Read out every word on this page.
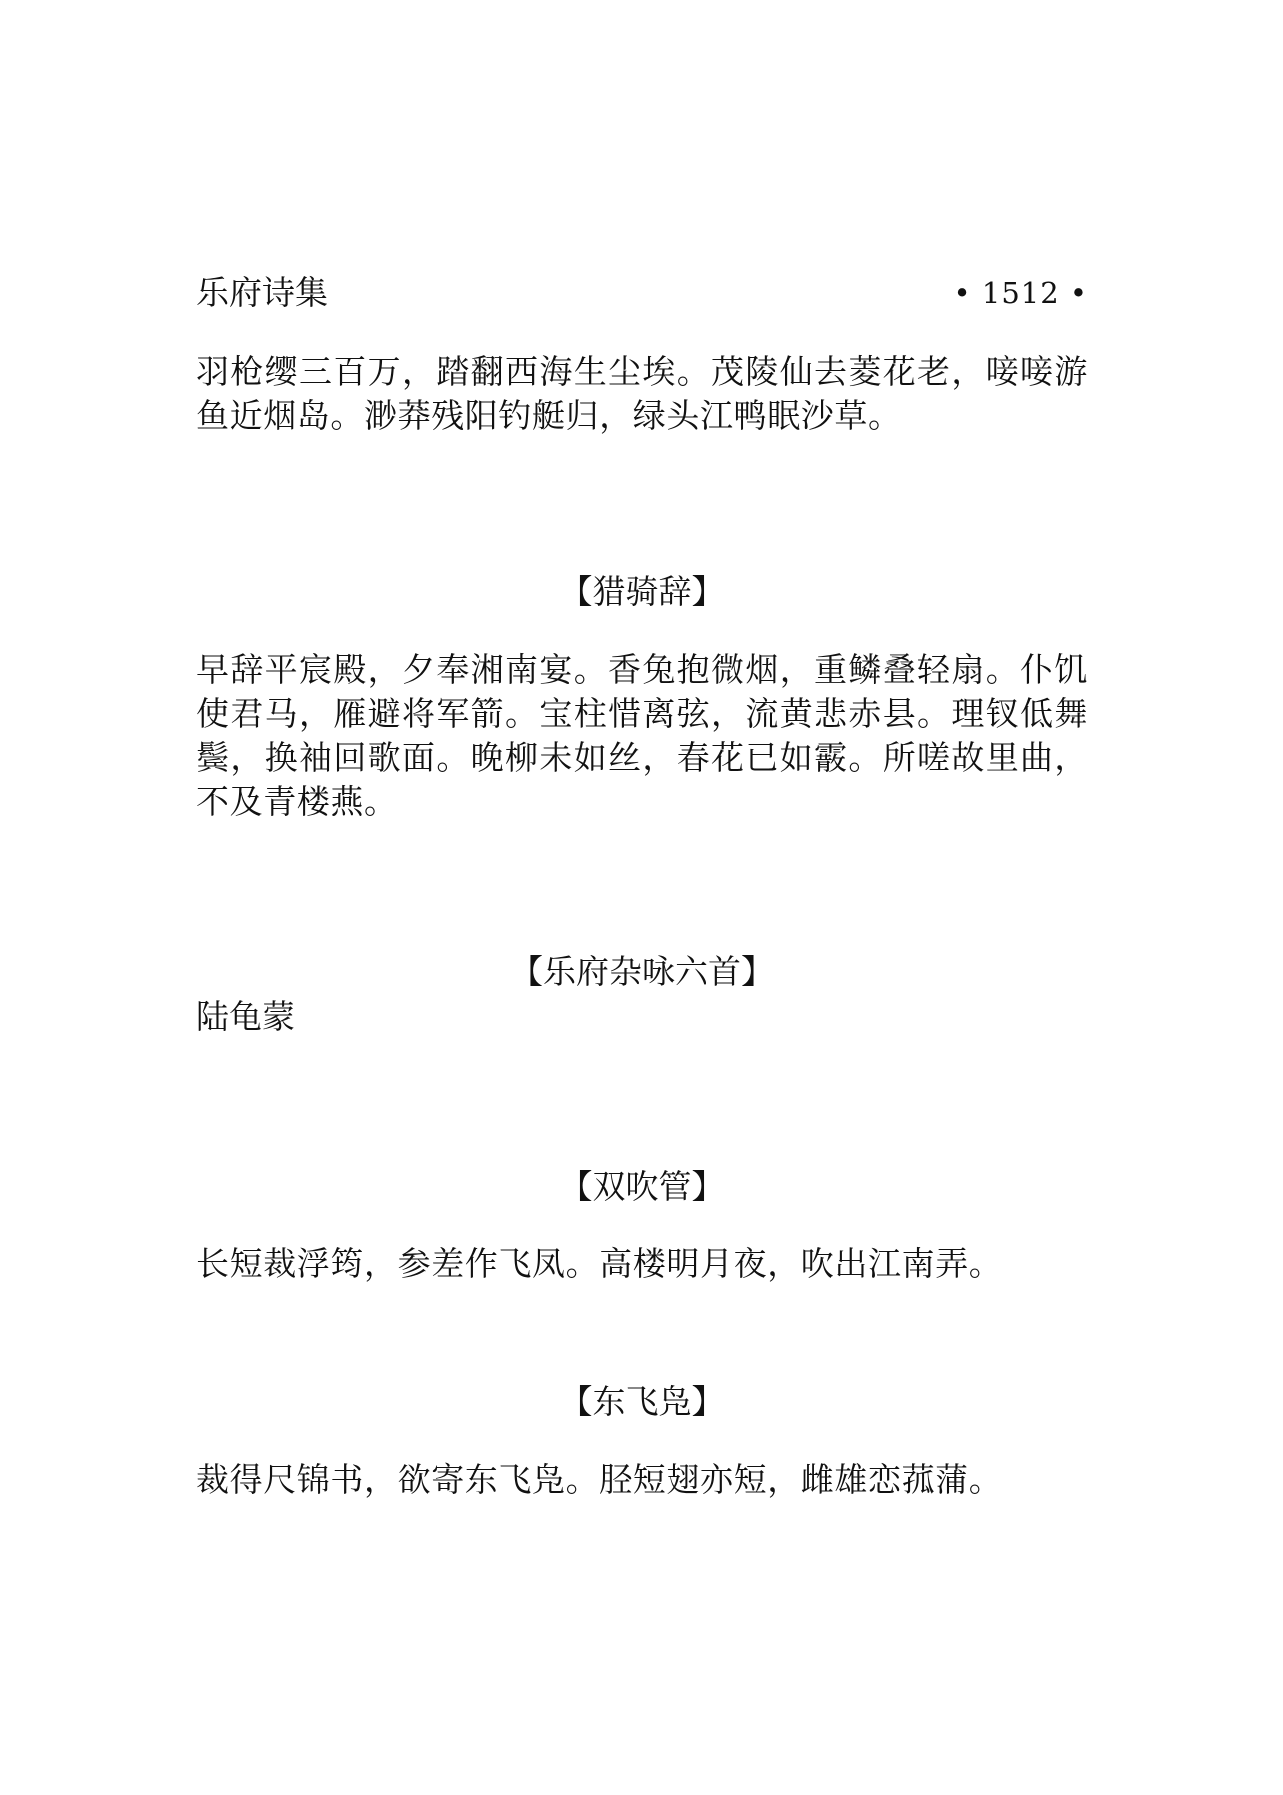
乐府诗集	• 1512 •

羽枪缨三百万，踏翻西海生尘埃。茂陵仙去菱花老，唼唼游鱼近烟岛。渺莽残阳钓艇归，绿头江鸭眠沙草。

【猎骑辞】

早辞平宸殿，夕奉湘南宴。香兔抱微烟，重鳞叠轻扇。仆饥使君马，雁避将军箭。宝柱惜离弦，流黄悲赤县。理钗低舞鬓，换袖回歌面。晚柳未如丝，春花已如霰。所嗟故里曲，不及青楼燕。

【乐府杂咏六首】

陆龟蒙

【双吹管】

长短裁浮筠，参差作飞凤。高楼明月夜，吹出江南弄。

【东飞凫】

裁得尺锦书，欲寄东飞凫。胫短翅亦短，雌雄恋菰蒲。
